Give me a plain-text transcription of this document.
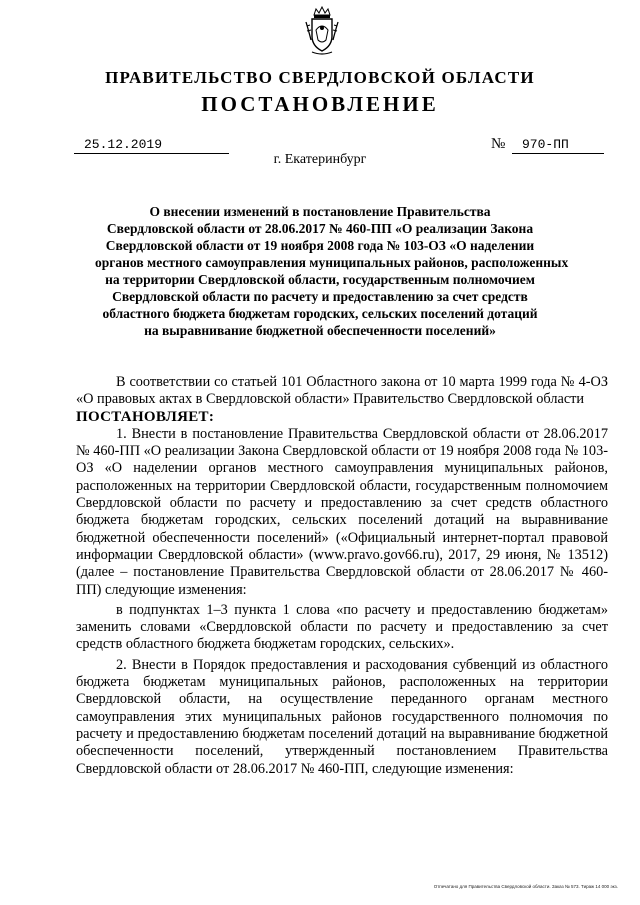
ПРАВИТЕЛЬСТВО СВЕРДЛОВСКОЙ ОБЛАСТИ
ПОСТАНОВЛЕНИЕ
25.12.2019	№	970-ПП
г. Екатеринбург
О внесении изменений в постановление Правительства
Свердловской области от 28.06.2017 № 460-ПП «О реализации Закона
Свердловской области от 19 ноября 2008 года № 103-ОЗ «О наделении
органов местного самоуправления муниципальных районов, расположенных
на территории Свердловской области, государственным полномочием
Свердловской области по расчету и предоставлению за счет средств
областного бюджета бюджетам городских, сельских поселений дотаций
на выравнивание бюджетной обеспеченности поселений»

В соответствии со статьей 101 Областного закона от 10 марта 1999 года № 4-ОЗ «О правовых актах в Свердловской области» Правительство Свердловской области

ПОСТАНОВЛЯЕТ:

1. Внести в постановление Правительства Свердловской области от 28.06.2017 № 460-ПП «О реализации Закона Свердловской области от 19 ноября 2008 года № 103-ОЗ «О наделении органов местного самоуправления муниципальных районов, расположенных на территории Свердловской области, государственным полномочием Свердловской области по расчету и предоставлению за счет средств областного бюджета бюджетам городских, сельских поселений дотаций на выравнивание бюджетной обеспеченности поселений» («Официальный интернет-портал правовой информации Свердловской области» (www.pravo.gov66.ru), 2017, 29 июня, № 13512) (далее – постановление Правительства Свердловской области от 28.06.2017 № 460-ПП) следующие изменения:

в подпунктах 1–3 пункта 1 слова «по расчету и предоставлению бюджетам» заменить словами «Свердловской области по расчету и предоставлению за счет средств областного бюджета бюджетам городских, сельских».

2. Внести в Порядок предоставления и расходования субвенций из областного бюджета бюджетам муниципальных районов, расположенных на территории Свердловской области, на осуществление переданного органам местного самоуправления этих муниципальных районов государственного полномочия по расчету и предоставлению бюджетам поселений дотаций на выравнивание бюджетной обеспеченности поселений, утвержденный постановлением Правительства Свердловской области от 28.06.2017 № 460-ПП, следующие изменения:

Отпечатано для Правительства Свердловской области. Заказ № 573. Тираж 14 000 экз.
